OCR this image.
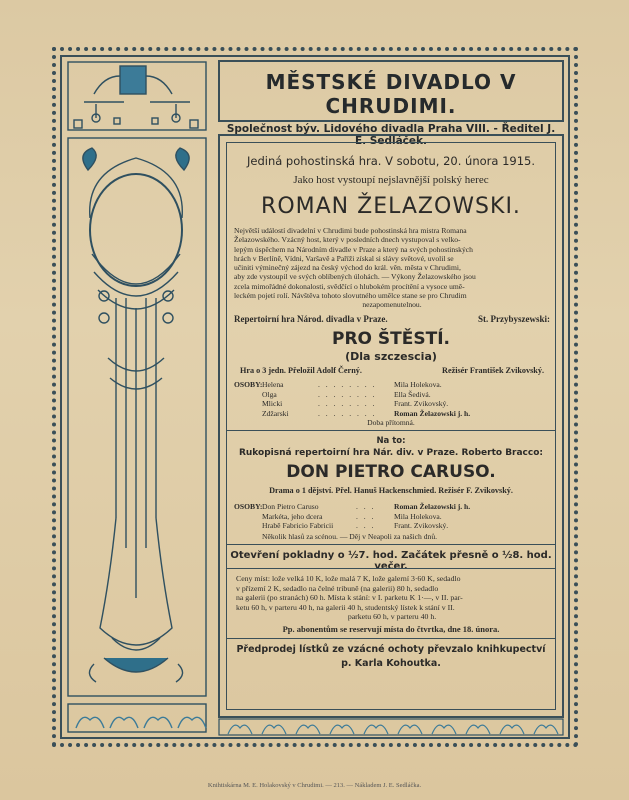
MĚSTSKÉ DIVADLO V CHRUDIMI.
Společnost býv. Lidového divadla Praha VIII. - Ředitel J. E. Sedláček.

Jediná pohostinská hra. V sobotu, 20. února 1915.

Jako host vystoupí nejslavnější polský herec

ROMAN ŽELAZOWSKI.

Největší událostí divadelní v Chrudimi bude pohostinská hra mistra Romana
Želazowského. Vzácný host, který v posledních dnech vystupoval s velko-
lepým úspěchem na Národním divadle v Praze a který na svých pohostinských
hrách v Berlíně, Vídni, Varšavě a Paříži získal si slávy světové, uvolil se
učiniti výminečný zájezd na český východ do král. věn. města v Chrudimi,
aby zde vystoupil ve svých oblíbených úlohách. — Výkony Želazowského jsou
zcela mimořádné dokonalosti, svědčící o hlubokém procítění a vysoce umě-
leckém pojetí rolí. Návštěva tohoto slovutného umělce stane se pro Chrudim
nezapomenutelnou.
Repertoirní hra Národ. divadla v Praze.	St. Przybyszewski:

PRO ŠTĚSTÍ.

(Dla szczescia)

Hra o 3 jedn. Přeložil Adolf Černý.	Režisér František Zvikovský.
OSOBY: Helena
Olga
Mlicki
Zdžarski
. . . . . . . .
. . . . . . . .
. . . . . . . .
. . . . . . . .
Mila Holekova.
Ella Šedivá.
Frant. Zvikovský.
Roman Želazowski j. h.

Doba přítomná.

Na to:

Rukopisná repertoirní hra Nár. div. v Praze. Roberto Bracco:

DON PIETRO CARUSO.

Drama o 1 dějství. Přel. Hanuš Hackenschmied. Režisér F. Zvikovský.

OSOBY: Don Pietro Caruso
Markéta, jeho dcera
Hrabě Fabricio Fabricii
. . .
. . .
. . .
Roman Želazowski j. h.
Mila Holekova.
Frant. Zvikovský.
Několik hlasů za scénou. — Děj v Neapoli za našich dnů.

Otevření pokladny o ½7. hod. Začátek přesně o ½8. hod. večer.

Ceny míst: lože velká 10 K, lože malá 7 K, lože galerní 3·60 K, sedadlo
v přízemí 2 K, sedadlo na čelné tribuně (na galerii) 80 h, sedadlo
na galerii (po stranách) 60 h. Místa k stání: v I. parketu K 1·—, v II. par-
ketu 60 h, v parteru 40 h, na galerii 40 h, studentský lístek k stání v II.
parketu 60 h, v parteru 40 h.

Pp. abonentům se reservují místa do čtvrtka, dne 18. února.

Předprodej lístků ze vzácné ochoty převzalo knihkupectví

p. Karla Kohoutka.

Knihtiskárna M. E. Holakovský v Chrudimi. — 213. — Nákladem J. E. Sedláčka.
